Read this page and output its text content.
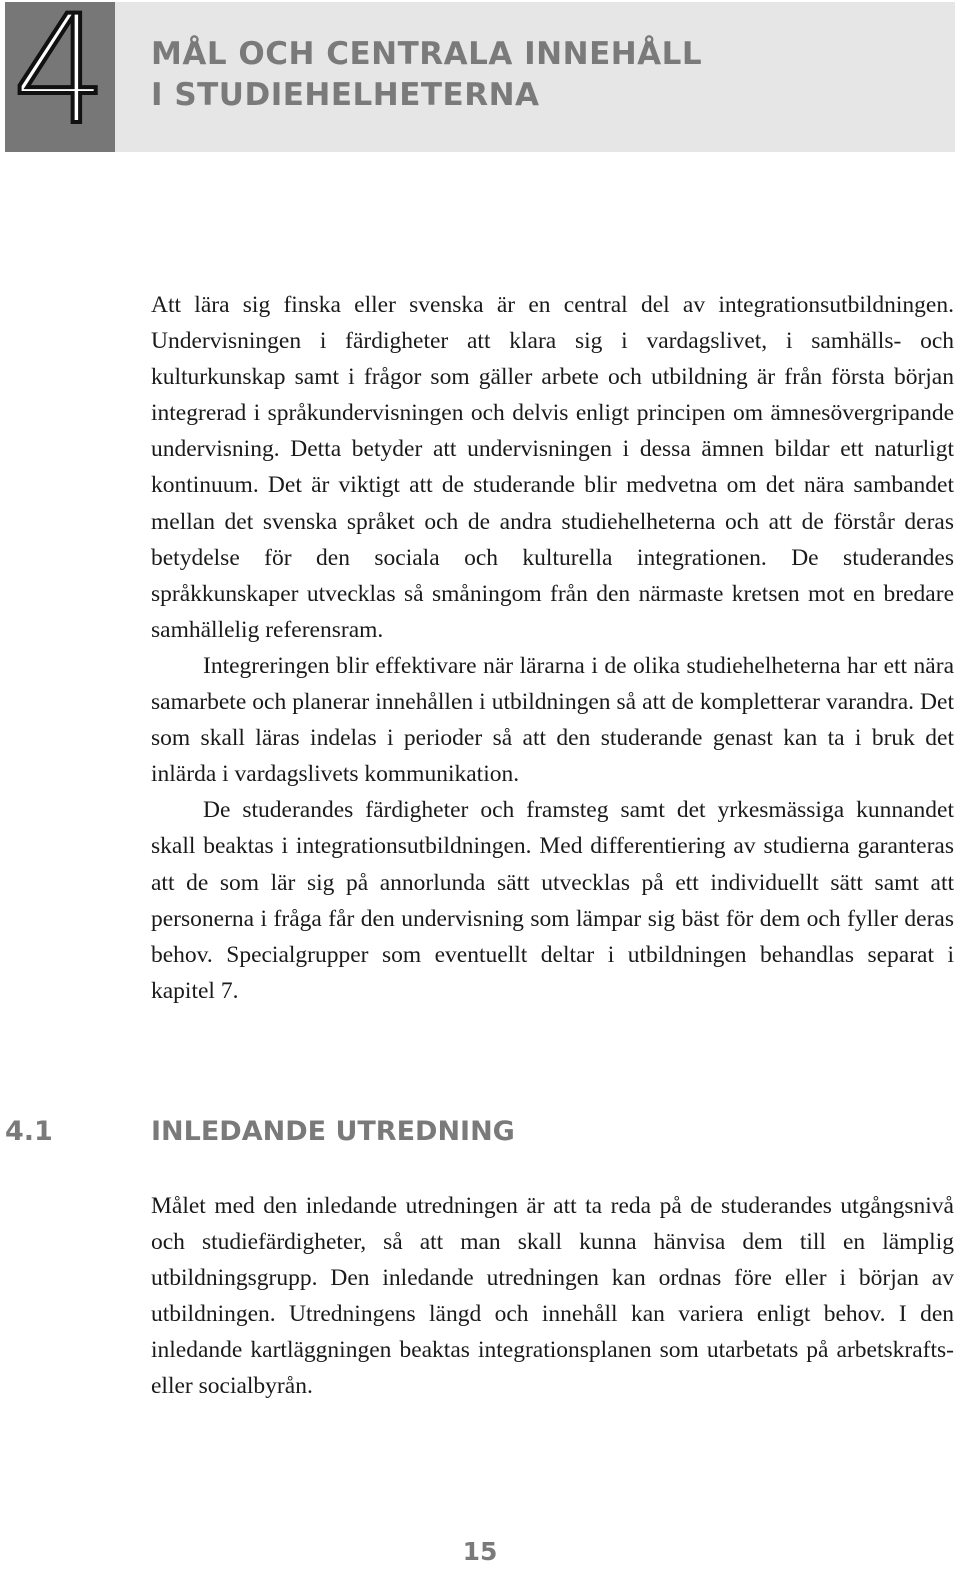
4 MÅL OCH CENTRALA INNEHÅLL
I STUDIEHELHETERNA

Att lära sig finska eller svenska är en central del av integrationsutbildningen. Undervisningen i färdigheter att klara sig i vardagslivet, i samhälls- och kulturkunskap samt i frågor som gäller arbete och utbildning är från första början integrerad i språkundervisningen och delvis enligt principen om ämnesövergripande undervisning. Detta betyder att undervisningen i dessa ämnen bildar ett naturligt kontinuum. Det är viktigt att de studerande blir medvetna om det nära sambandet mellan det svenska språket och de andra studiehelheterna och att de förstår deras betydelse för den sociala och kulturella integrationen. De studerandes språkkunskaper utvecklas så småningom från den närmaste kretsen mot en bredare samhällelig referensram.

Integreringen blir effektivare när lärarna i de olika studiehelheterna har ett nära samarbete och planerar innehållen i utbildningen så att de kompletterar varandra. Det som skall läras indelas i perioder så att den studerande genast kan ta i bruk det inlärda i vardagslivets kommunikation.

De studerandes färdigheter och framsteg samt det yrkesmässiga kunnandet skall beaktas i integrationsutbildningen. Med differentiering av studierna garanteras att de som lär sig på annorlunda sätt utvecklas på ett individuellt sätt samt att personerna i fråga får den undervisning som lämpar sig bäst för dem och fyller deras behov. Specialgrupper som eventuellt deltar i utbildningen behandlas separat i kapitel 7.

4.1	INLEDANDE UTREDNING

Målet med den inledande utredningen är att ta reda på de studerandes utgångsnivå och studiefärdigheter, så att man skall kunna hänvisa dem till en lämplig utbildningsgrupp. Den inledande utredningen kan ordnas före eller i början av utbildningen. Utredningens längd och innehåll kan variera enligt behov. I den inledande kartläggningen beaktas integrationsplanen som utarbetats på arbetskrafts- eller socialbyrån.

15
